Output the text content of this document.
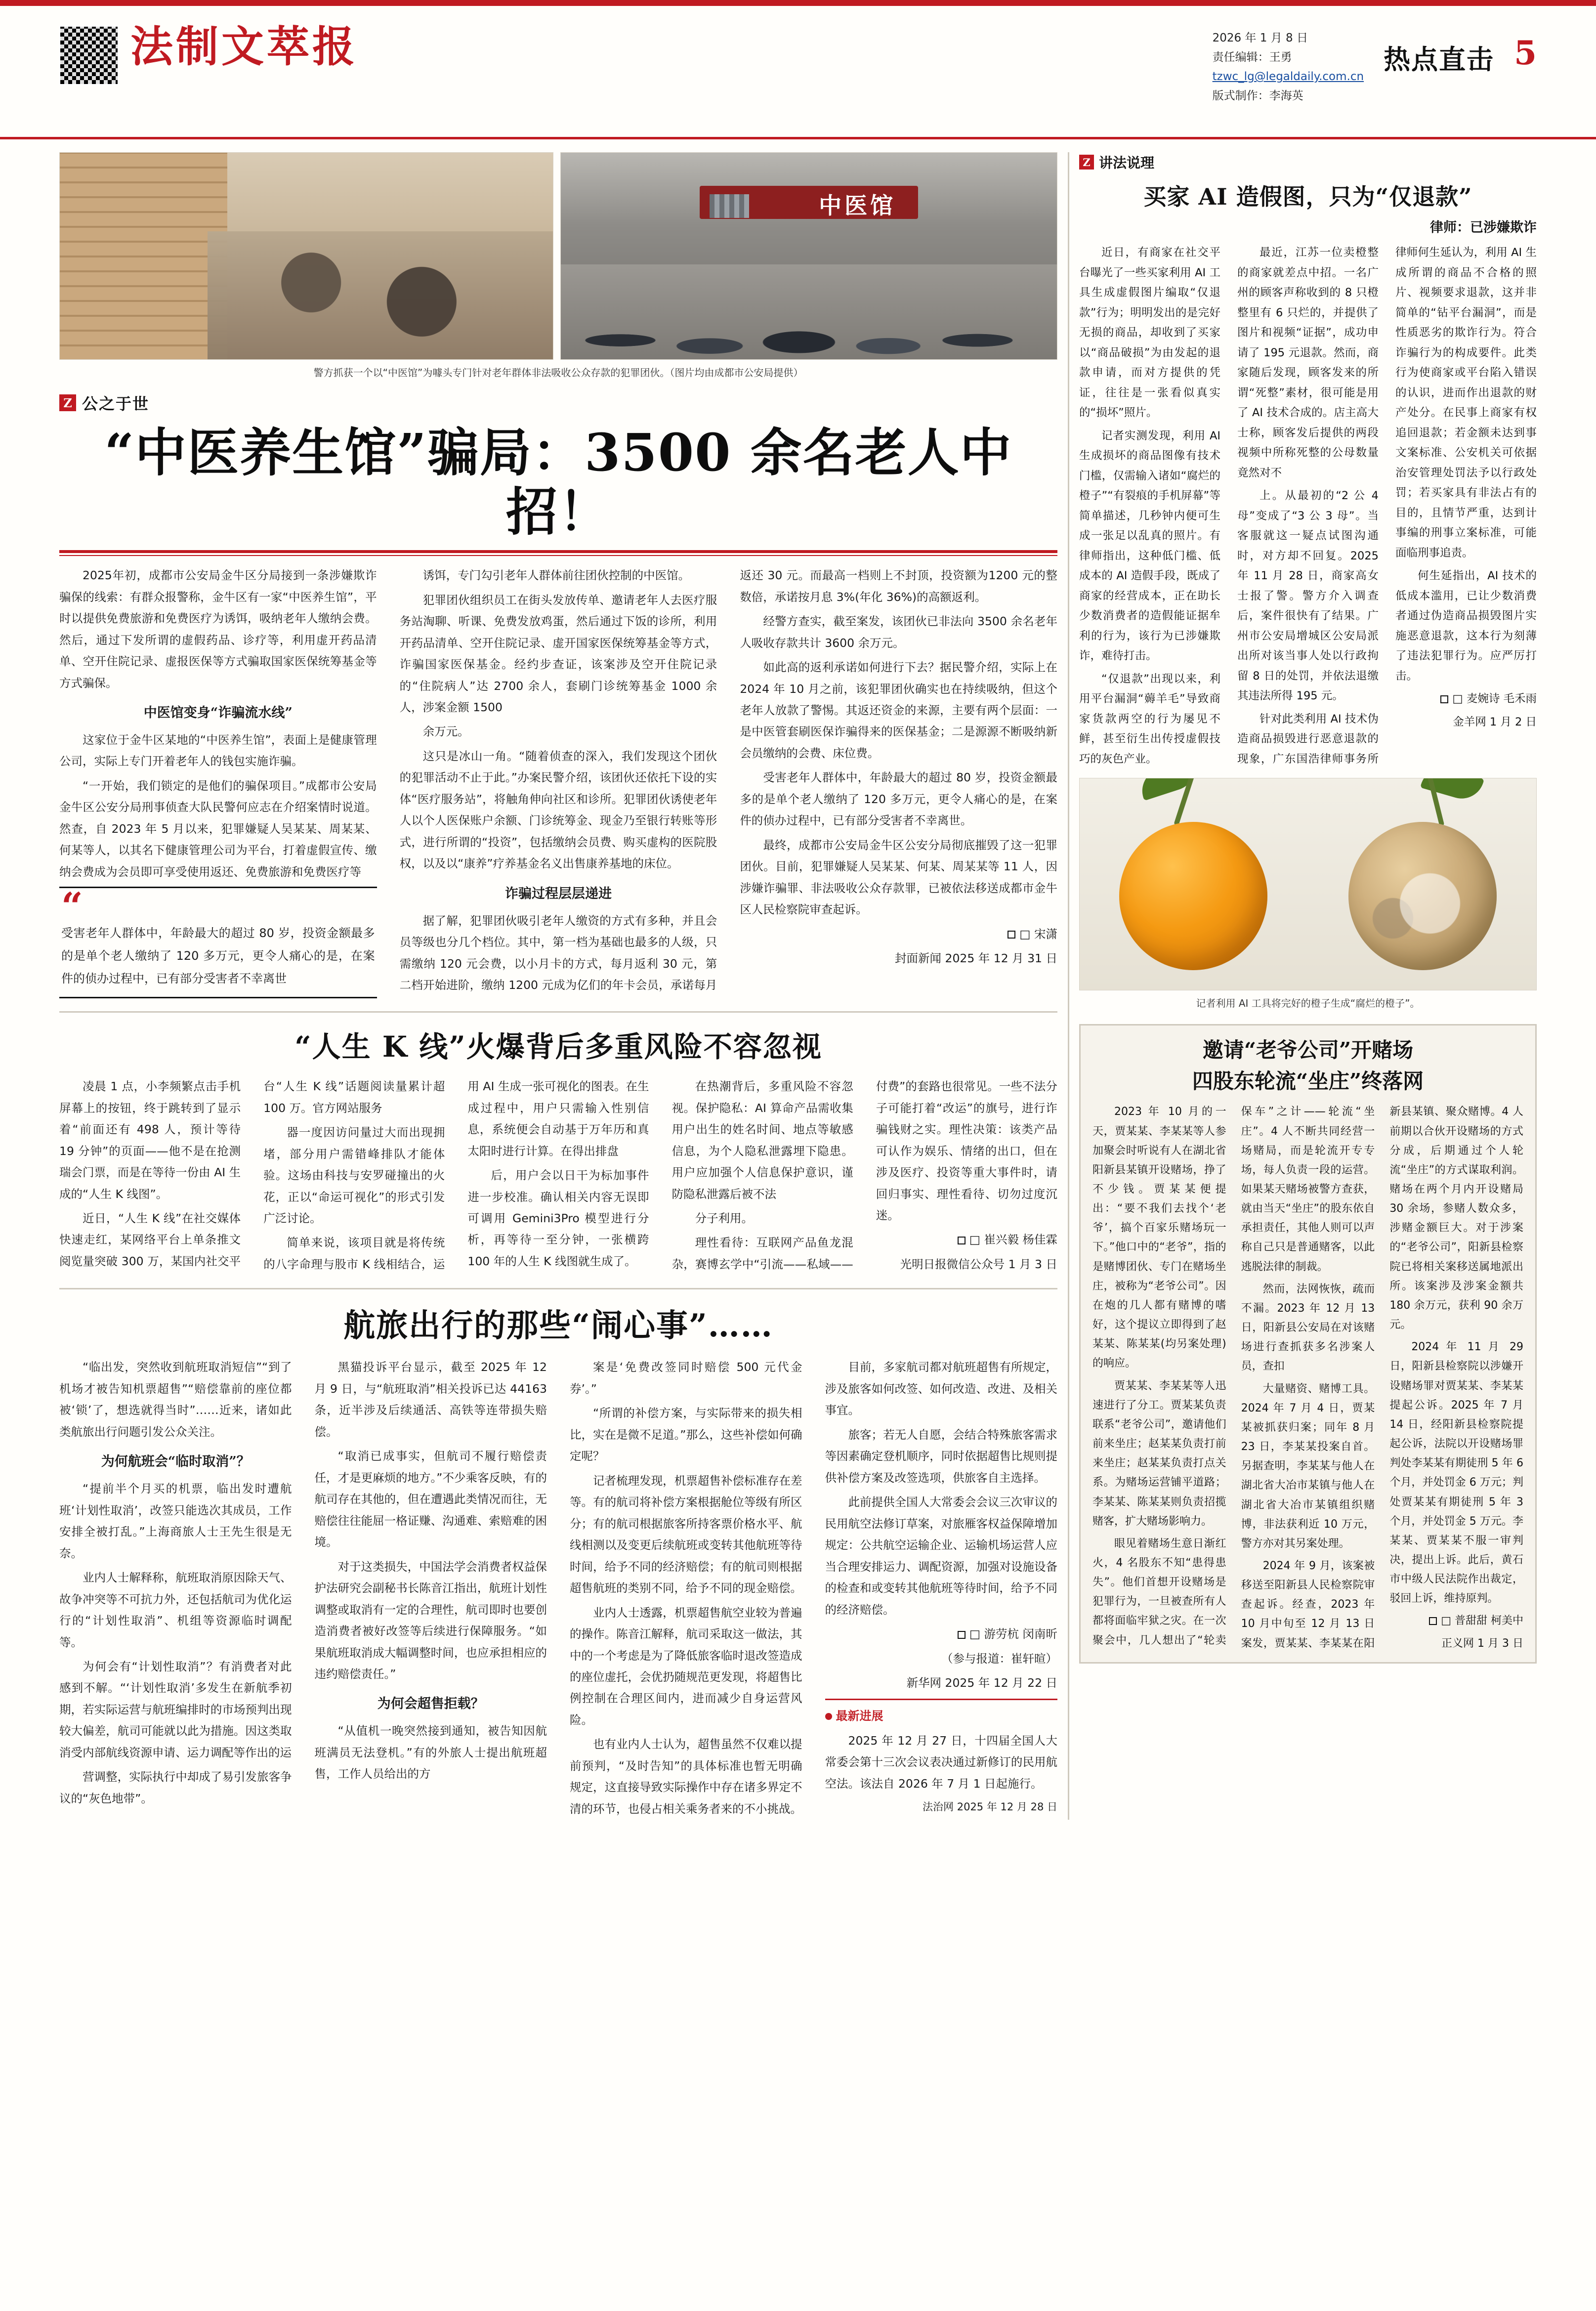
法制文萃报	2026 年 1 月 8 日
责任编辑：王勇
tzwc_lg@legaldaily.com.cn
版式制作：李海英
热点直击 5
中医馆
警方抓获一个以“中医馆”为噱头专门针对老年群体非法吸收公众存款的犯罪团伙。（图片均由成都市公安局提供）
Z 公之于世
“中医养生馆”骗局：3500 余名老人中招！

2025年初，成都市公安局金牛区分局接到一条涉嫌欺诈骗保的线索：有群众报警称，金牛区有一家“中医养生馆”，平时以提供免费旅游和免费医疗为诱饵，吸纳老年人缴纳会费。然后，通过下发所谓的虚假药品、诊疗等，利用虚开药品清单、空开住院记录、虚报医保等方式骗取国家医保统筹基金等方式骗保。

中医馆变身“诈骗流水线”

这家位于金牛区某地的“中医养生馆”，表面上是健康管理公司，实际上专门开着老年人的钱包实施诈骗。

“一开始，我们锁定的是他们的骗保项目。”成都市公安局金牛区公安分局刑事侦查大队民警何应志在介绍案情时说道。然查，自 2023 年 5 月以来，犯罪嫌疑人吴某某、周某某、何某等人，以其名下健康管理公司为平台，打着虚假宣传、缴纳会费成为会员即可享受使用返还、免费旅游和免费医疗等

“

受害老年人群体中，年龄最大的超过 80 岁，投资金额最多的是单个老人缴纳了 120 多万元，更令人痛心的是，在案件的侦办过程中，已有部分受害者不幸离世

诱饵，专门勾引老年人群体前往团伙控制的中医馆。

犯罪团伙组织员工在街头发放传单、邀请老年人去医疗服务站淘聊、听课、免费发放鸡蛋，然后通过下饭的诊所，利用开药品清单、空开住院记录、虚开国家医保统筹基金等方式，诈骗国家医保基金。经约步查证，该案涉及空开住院记录的“住院病人”达 2700 余人，套刷门诊统筹基金 1000 余人，涉案金额 1500

余万元。

这只是冰山一角。“随着侦查的深入，我们发现这个团伙的犯罪活动不止于此。”办案民警介绍，该团伙还依托下设的实体“医疗服务站”，将触角伸向社区和诊所。犯罪团伙诱使老年人以个人医保账户余额、门诊统筹金、现金乃至银行转账等形式，进行所谓的“投资”，包括缴纳会员费、购买虚构的医院股权，以及以“康养”疗养基金名义出售康养基地的床位。

诈骗过程层层递进

据了解，犯罪团伙吸引老年人缴资的方式有多种，并且会员等级也分几个档位。其中，第一档为基础也最多的人级，只需缴纳 120 元会费，以小月卡的方式，每月返利 30 元，第二档开始进阶，缴纳 1200 元成为亿们的年卡会员，承诺每月返还 30 元。而最高一档则上不封顶，投资额为1200 元的整数倍，承诺按月息 3%(年化 36%)的高额返利。

经警方查实，截至案发，该团伙已非法向 3500 余名老年人吸收存款共计 3600 余万元。

如此高的返利承诺如何进行下去？据民警介绍，实际上在 2024 年 10 月之前，该犯罪团伙确实也在持续吸纳，但这个老年人放款了警惕。其返还资金的来源，主要有两个层面：一是中医管套刷医保诈骗得来的医保基金；二是源源不断吸纳新会员缴纳的会费、床位费。

受害老年人群体中，年龄最大的超过 80 岁，投资金额最多的是单个老人缴纳了 120 多万元，更令人痛心的是，在案件的侦办过程中，已有部分受害者不幸离世。

最终，成都市公安局金牛区公安分局彻底摧毁了这一犯罪团伙。目前，犯罪嫌疑人吴某某、何某、周某某等 11 人，因涉嫌诈骗罪、非法吸收公众存款罪，已被依法移送成都市金牛区人民检察院审查起诉。

□ 宋潇

封面新闻 2025 年 12 月 31 日

“人生 K 线”火爆背后多重风险不容忽视

凌晨 1 点，小李频繁点击手机屏幕上的按钮，终于跳转到了显示着“前面还有 498 人，预计等待 19 分钟”的页面——他不是在抢测瑞会门票，而是在等待一份由 AI 生成的“人生 K 线图”。

近日，“人生 K 线”在社交媒体快速走红，某网络平台上单条推文阅览量突破 300 万，某国内社交平台“人生 K 线”话题阅读量累计超 100 万。官方网站服务

器一度因访问量过大而出现拥堵，部分用户需错峰排队才能体验。这场由科技与安罗碰撞出的火花，正以“命运可视化”的形式引发广泛讨论。

简单来说，该项目就是将传统的八字命理与股市 K 线相结合，运用 AI 生成一张可视化的图表。在生成过程中，用户只需输入性别信息，系统便会自动基于万年历和真太阳时进行计算。在得出排盘

后，用户会以日干为标加事件进一步校准。确认相关内容无误即可调用 Gemini3Pro 模型进行分析，再等待一至分钟，一张横跨 100 年的人生 K 线图就生成了。

在热潮背后，多重风险不容忽视。保护隐私：AI 算命产品需收集用户出生的姓名时间、地点等敏感信息，为个人隐私泄露埋下隐患。用户应加强个人信息保护意识，谨防隐私泄露后被不法

分子利用。

理性看待：互联网产品鱼龙混杂，赛博玄学中“引流——私域——付费”的套路也很常见。一些不法分子可能打着“改运”的旗号，进行诈骗钱财之实。理性决策：该类产品可认作为娱乐、情绪的出口，但在涉及医疗、投资等重大事件时，请回归事实、理性看待、切勿过度沉迷。

□ 崔兴毅 杨佳霖

光明日报微信公众号 1 月 3 日

航旅出行的那些“闹心事”……

“临出发，突然收到航班取消短信”“到了机场才被告知机票超售”“赔偿靠前的座位都被‘锁’了，想选就得当时”……近来，诸如此类航旅出行问题引发公众关注。

为何航班会“临时取消”？

“提前半个月买的机票，临出发时遭航班‘计划性取消’，改签只能选次其成员，工作安排全被打乱。”上海商旅人士王先生很是无奈。

业内人士解释称，航班取消原因除天气、故争冲突等不可抗力外，还包括航司为优化运行的“计划性取消”、机组等资源临时调配等。

为何会有“计划性取消”？有消费者对此感到不解。“‘计划性取消’多发生在新航季初期，若实际运营与航班编排时的市场预判出现较大偏差，航司可能就以此为措施。因这类取消受内部航线资源申请、运力调配等作出的运

营调整，实际执行中却成了易引发旅客争议的“灰色地带”。

黑猫投诉平台显示，截至 2025 年 12 月 9 日，与“航班取消”相关投诉已达 44163 条，近半涉及后续通活、高铁等连带损失赔偿。

“取消已成事实，但航司不履行赔偿责任，才是更麻烦的地方。”不少乘客反映，有的航司存在其他的，但在遭遇此类情况而往，无赔偿往往能屈一格证赚、沟通难、索赔难的困境。

对于这类损失，中国法学会消费者权益保护法研究会副秘书长陈音江指出，航班计划性调整或取消有一定的合理性，航司即时也要创造消费者被好改签等后续进行保障服务。“如果航班取消成大幅调整时间，也应承担相应的违约赔偿责任。”

为何会超售拒载？

“从值机一晚突然接到通知，被告知因航班满员无法登机。”有的外旅人士提出航班超售，工作人员给出的方

案是‘免费改签同时赔偿 500 元代金券’。”

“所谓的补偿方案，与实际带来的损失相比，实在是微不足道。”那么，这些补偿如何确定呢？

记者梳理发现，机票超售补偿标准存在差等。有的航司将补偿方案根据舱位等级有所区分；有的航司根据旅客所持客票价格水平、航线相测以及变更后续航班或变转其他航班等待时间，给予不同的经济赔偿；有的航司则根据超售航班的类别不同，给予不同的现金赔偿。

业内人士透露，机票超售航空业较为普遍的操作。陈音江解释，航司采取这一做法，其中的一个考虑是为了降低旅客临时退改签造成的座位虚托，会优扔随规范更发现，将超售比例控制在合理区间内，进而减少自身运营风险。

也有业内人士认为，超售虽然不仅难以提前预判，“及时告知”的具体标准也暂无明确规定，这直接导致实际操作中存在诸多界定不清的环节，也侵占相关乘务者来的不小挑战。

目前，多家航司都对航班超售有所规定，涉及旅客如何改签、如何改造、改进、及相关事宜。

旅客；若无人自愿，会结合特殊旅客需求等因素确定登机顺序，同时依据超售比规则提供补偿方案及改签选项，供旅客自主选择。

此前提供全国人大常委会会议三次审议的民用航空法修订草案，对旅雁客权益保障增加规定：公共航空运输企业、运输机场运营人应当合理安排运力、调配资源，加强对设施设备的检查和或变转其他航班等待时间，给予不同的经济赔偿。

□ 游劳杭 闵南昕

（参与报道：崔轩暄）

新华网 2025 年 12 月 22 日

最新进展

2025 年 12 月 27 日，十四届全国人大常委会第十三次会议表决通过新修订的民用航空法。该法自 2026 年 7 月 1 日起施行。

法治网 2025 年 12 月 28 日

Z 讲法说理
买家 AI 造假图，只为“仅退款”
律师：已涉嫌欺诈

近日，有商家在社交平台曝光了一些买家利用 AI 工具生成虚假图片编取“仅退款”行为；明明发出的是完好无损的商品，却收到了买家以“商品破损”为由发起的退款申请，而对方提供的凭证，往往是一张看似真实的“损坏”照片。

记者实测发现，利用 AI 生成损坏的商品图像有技术门槛，仅需输入诸如“腐烂的橙子”“有裂痕的手机屏幕”等简单描述，几秒钟内便可生成一张足以乱真的照片。有律师指出，这种低门槛、低成本的 AI 造假手段，既成了商家的经营成本，正在助长少数消费者的造假能证据牟利的行为，该行为已涉嫌欺诈，难待打击。

“仅退款”出现以来，利用平台漏洞“薅羊毛”导致商家货款两空的行为屡见不鲜，甚至衍生出传授虚假技巧的灰色产业。

最近，江苏一位卖橙整的商家就差点中招。一名广州的顾客声称收到的 8 只橙整里有 6 只烂的，并提供了图片和视频“证据”，成功申请了 195 元退款。然而，商家随后发现，顾客发来的所谓“死整”素材，很可能是用了 AI 技术合成的。店主高大士称，顾客发后提供的两段视频中所称死整的公母数量竟然对不

上。从最初的“2 公 4 母”变成了“3 公 3 母”。当客服就这一疑点试图沟通时，对方却不回复。2025 年 11 月 28 日，商家高女士报了警。警方介入调查后，案件很快有了结果。广州市公安局增城区公安局派出所对该当事人处以行政拘留 8 日的处罚，并依法退缴其违法所得 195 元。

针对此类利用 AI 技术伪造商品损毁进行恶意退款的现象，广东国浩律师事务所律师何生延认为，利用 AI 生成所谓的商品不合格的照片、视频要求退款，这并非简单的“钻平台漏洞”，而是性质恶劣的欺诈行为。符合诈骗行为的构成要件。此类行为使商家或平台陷入错误的认识，进而作出退款的财产处分。在民事上商家有权追回退款；若金额未达到事文案标准、公安机关可依据治安管理处罚法予以行政处罚；若买家具有非法占有的目的，且情节严重，达到计事编的刑事立案标准，可能面临刑事追责。

何生延指出，AI 技术的低成本滥用，已让少数消费者通过伪造商品损毁图片实施恶意退款，这本行为刻薄了违法犯罪行为。应严厉打击。

□ 麦婉诗 毛禾雨

金羊网 1 月 2 日

记者利用 AI 工具将完好的橙子生成“腐烂的橙子”。
邀请“老爷公司”开赌场
四股东轮流“坐庄”终落网

2023 年 10 月的一天，贾某某、李某某等人参加聚会时听说有人在湖北省阳新县某镇开设赌场，挣了不少钱。贾某某便提出：“要不我们去找个‘老爷’，搞个百家乐赌场玩一下。”他口中的“老爷”，指的是赌博团伙、专门在赌场坐庄，被称为“老爷公司”。因在炮的几人都有赌博的嗜好，这个提议立即得到了赵某某、陈某某(均另案处理)的响应。

贾某某、李某某等人迅速进行了分工。贾某某负责联系“老爷公司”，邀请他们前来坐庄；赵某某负责打前来坐庄；赵某某负责打点关系。为赌场运营铺平道路；李某某、陈某某则负责招揽赌客，扩大赌场影响力。

眼见着赌场生意日渐红火，4 名股东不知“患得患失”。他们首想开设赌场是犯罪行为，一旦被查所有人都将面临牢狱之灾。在一次聚会中，几人想出了“轮卖保车”之计——轮流“坐庄”。4 人不断共同经营一场赌局，而是轮流开专专场，每人负责一段的运营。如果某天赌场被警方查获，就由当天“坐庄”的股东依自承担责任，其他人则可以声称自己只是普通赌客，以此逃脱法律的制裁。

然而，法网恢恢，疏而不漏。2023 年 12 月 13 日，阳新县公安局在对该赌场进行查抓获多名涉案人员，查扣

大量赌资、赌博工具。2024 年 7 月 4 日，贾某某被抓获归案；同年 8 月 23 日，李某某投案自首。另据查明，李某某与他人在湖北省大冶市某镇与他人在湖北省大冶市某镇组织赌博，非法获利近 10 万元，警方亦对其另案处理。

2024 年 9 月，该案被移送至阳新县人民检察院审查起诉。经查，2023 年 10 月中旬至 12 月 13 日案发，贾某某、李某某在阳新县某镇、聚众赌博。4 人前期以合伙开设赌场的方式分成，后期通过个人轮流“坐庄”的方式谋取利润。赌场在两个月内开设赌局 30 余场，参赌人数众多，涉赌金额巨大。对于涉案的“老爷公司”，阳新县检察院已将相关案移送属地派出所。该案涉及涉案金额共 180 余万元，获利 90 余万元。

2024 年 11 月 29 日，阳新县检察院以涉嫌开设赌场罪对贾某某、李某某提起公诉。2025 年 7 月 14 日，经阳新县检察院提起公诉，法院以开设赌场罪判处李某某有期徒刑 5 年 6 个月，并处罚金 6 万元；判处贾某某有期徒刑 5 年 3 个月，并处罚金 5 万元。李某某、贾某某不服一审判决，提出上诉。此后，黄石市中级人民法院作出裁定，驳回上诉，维持原判。

□ 普甜甜 柯美中

正义网 1 月 3 日
